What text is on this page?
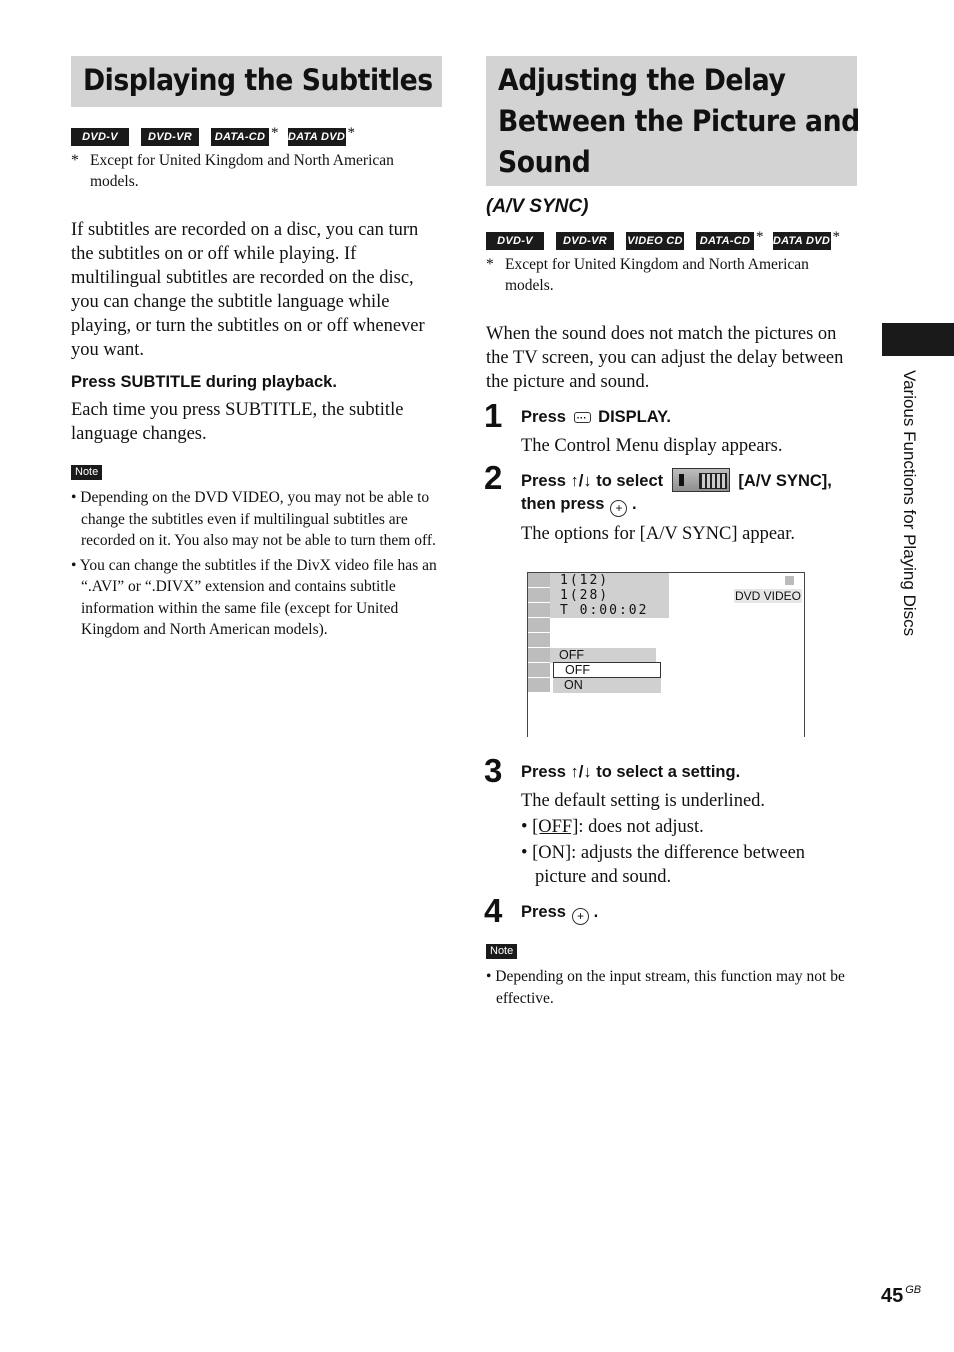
Displaying the Subtitles
DVD-V	DVD-VR	DATA-CD * DATA DVD *
* Except for United Kingdom and North American models.

If subtitles are recorded on a disc, you can turn the subtitles on or off while playing. If multilingual subtitles are recorded on the disc, you can change the subtitle language while playing, or turn the subtitles on or off whenever you want.

Press SUBTITLE during playback.

Each time you press SUBTITLE, the subtitle language changes.

Note
• Depending on the DVD VIDEO, you may not be able to change the subtitles even if multilingual subtitles are recorded on it. You also may not be able to turn them off.
• You can change the subtitles if the DivX video file has an “.AVI” or “.DIVX” extension and contains subtitle information within the same file (except for United Kingdom and North American models).
Adjusting the Delay
Between the Picture and
Sound

(A/V SYNC)

DVD-V	DVD-VR	VIDEO CD	DATA-CD * DATA DVD *
* Except for United Kingdom and North American models.

When the sound does not match the pictures on the TV screen, you can adjust the delay between the picture and sound.

1 Press ··· DISPLAY.

The Control Menu display appears.

2 Press ↑/↓ to select	[A/V SYNC], then press + .

The options for [A/V SYNC] appear.

1(12)
1(28)
T 0:00:02
DVD VIDEO
OFF
OFF
ON
3 Press ↑/↓ to select a setting.

The default setting is underlined.

• [OFF]: does not adjust.
• [ON]: adjusts the difference between picture and sound.
4 Press + .

Note
• Depending on the input stream, this function may not be effective.
Various Functions for Playing Discs
45 $^{GB}$
